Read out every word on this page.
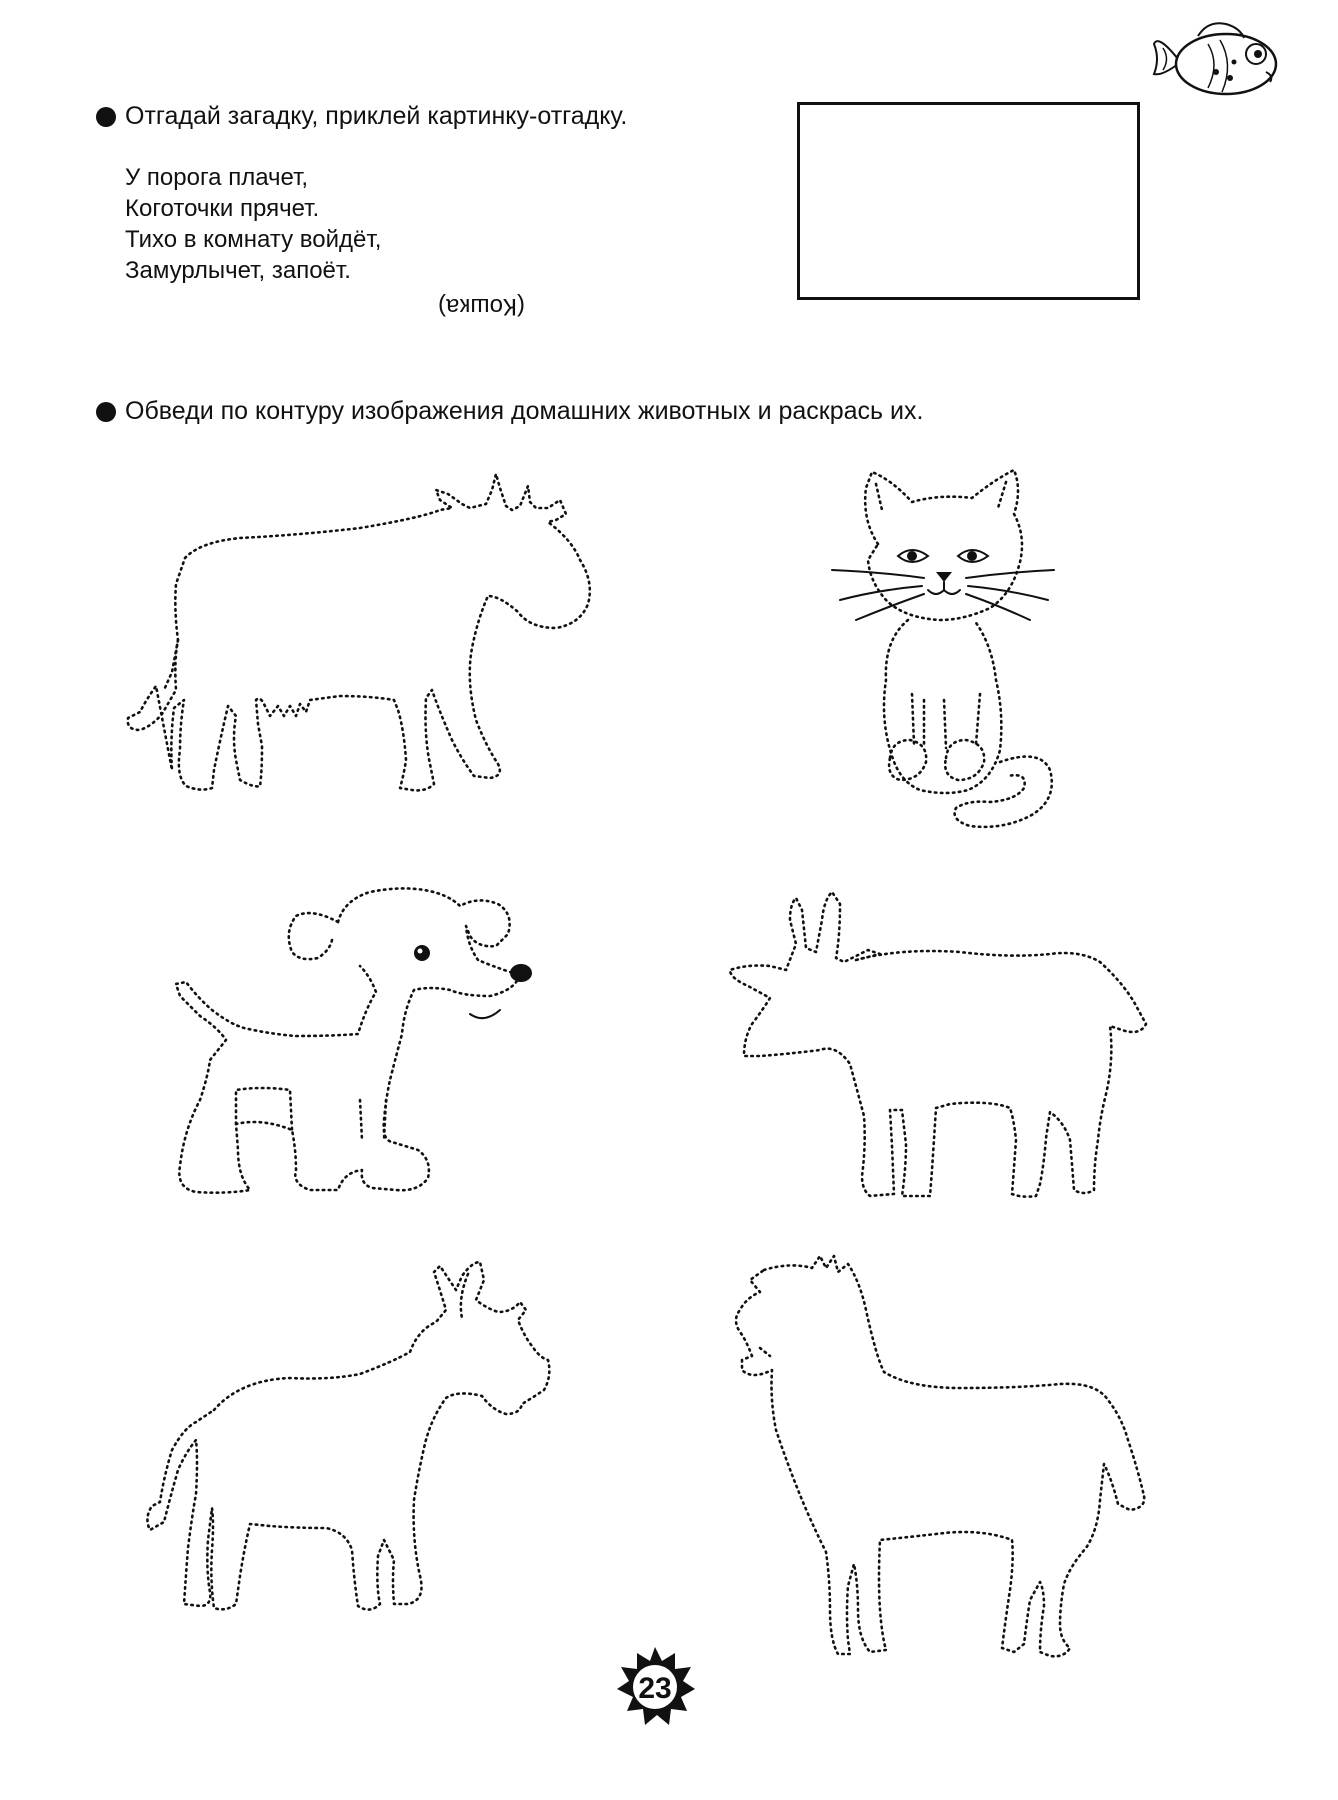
Отгадай загадку, приклей картинку-отгадку.
У порога плачет,
Коготочки прячет.
Тихо в комнату войдёт,
Замурлычет, запоёт.
(Кошка)
Обведи по контуру изображения домашних животных и раскрась их.
23
